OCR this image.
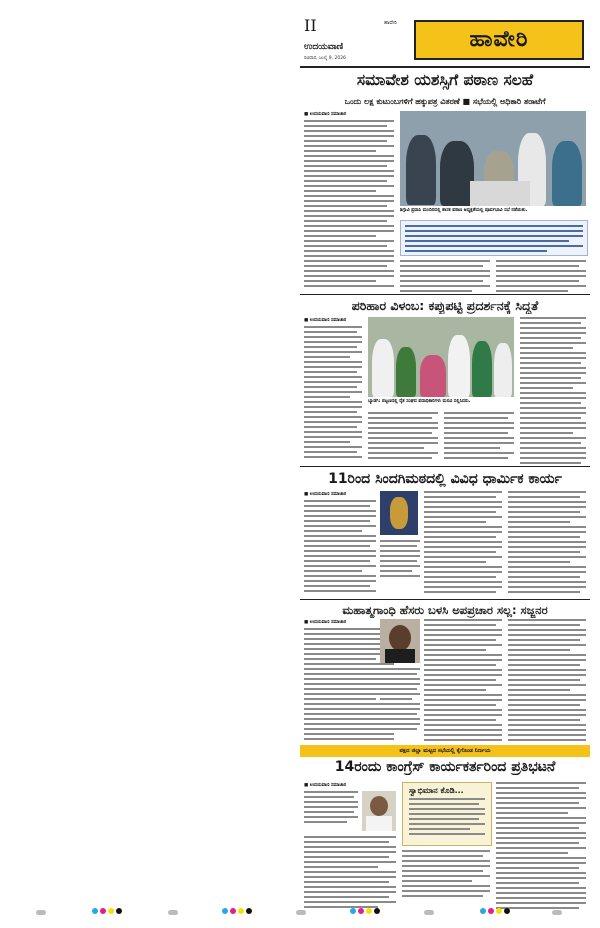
II	ಹಾವೇರಿ
ಉದಯವಾಣಿ
ರವಿವಾರ, ಜುಲೈ 9, 2026
ಹಾವೇರಿ
ಸಮಾವೇಶ ಯಶಸ್ಸಿಗೆ ಪಠಾಣ ಸಲಹೆ
ಒಂದು ಲಕ್ಷ ಕುಟುಂಬಗಳಿಗೆ ಹಕ್ಕುಪತ್ರ ವಿತರಣೆ ■ ಸಭೆಯಲ್ಲಿ ಅಧಿಕಾರಿ ತರಾಟೆಗೆ
■ ಉದಯವಾಣಿ ಸಮಾಚಾರ
ಶಿಗ್ಗಾವಿ ಪ್ರವಾಸಿ ಮಂದಿರದಲ್ಲಿ ಶಾಸಕ ಪಠಾಣ ಅಧ್ಯಕ್ಷತೆಯಲ್ಲಿ ಪೂರ್ವಭಾವಿ ಸಭೆ ನಡೆಯಿತು.
ಪರಿಹಾರ ವಿಳಂಬ: ಕಪ್ಪುಪಟ್ಟಿ ಪ್ರದರ್ಶನಕ್ಕೆ ಸಿದ್ಧತೆ
■ ಉದಯವಾಣಿ ಸಮಾಚಾರ
ಬ್ಯಾಡಗಿ: ಪಟ್ಟಣದಲ್ಲಿ ರೈತ ಸಂಘದ ಪದಾಧಿಕಾರಿಗಳು ಮನವಿ ಸಲ್ಲಿಸಿದರು.
11ರಿಂದ ಸಿಂದಗಿಮಠದಲ್ಲಿ ವಿವಿಧ ಧಾರ್ಮಿಕ ಕಾರ್ಯ
■ ಉದಯವಾಣಿ ಸಮಾಚಾರ
ಮಹಾತ್ಮಗಾಂಧಿ ಹೆಸರು ಬಳಸಿ ಅಪಪ್ರಚಾರ ಸಲ್ಲ: ಸಜ್ಜನರ
■ ಉದಯವಾಣಿ ಸಮಾಚಾರ
ಪಕ್ಷದ ಜಿಲ್ಲಾ ಮಟ್ಟದ ಸಭೆಯಲ್ಲಿ ಕೈಗೊಂಡ ನಿರ್ಣಯ
14ರಂದು ಕಾಂಗ್ರೆಸ್ ಕಾರ್ಯಕರ್ತರಿಂದ ಪ್ರತಿಭಟನೆ
■ ಉದಯವಾಣಿ ಸಮಾಚಾರ
ಸ್ವಾಭಿಮಾನ ಕೊಡಿ...
